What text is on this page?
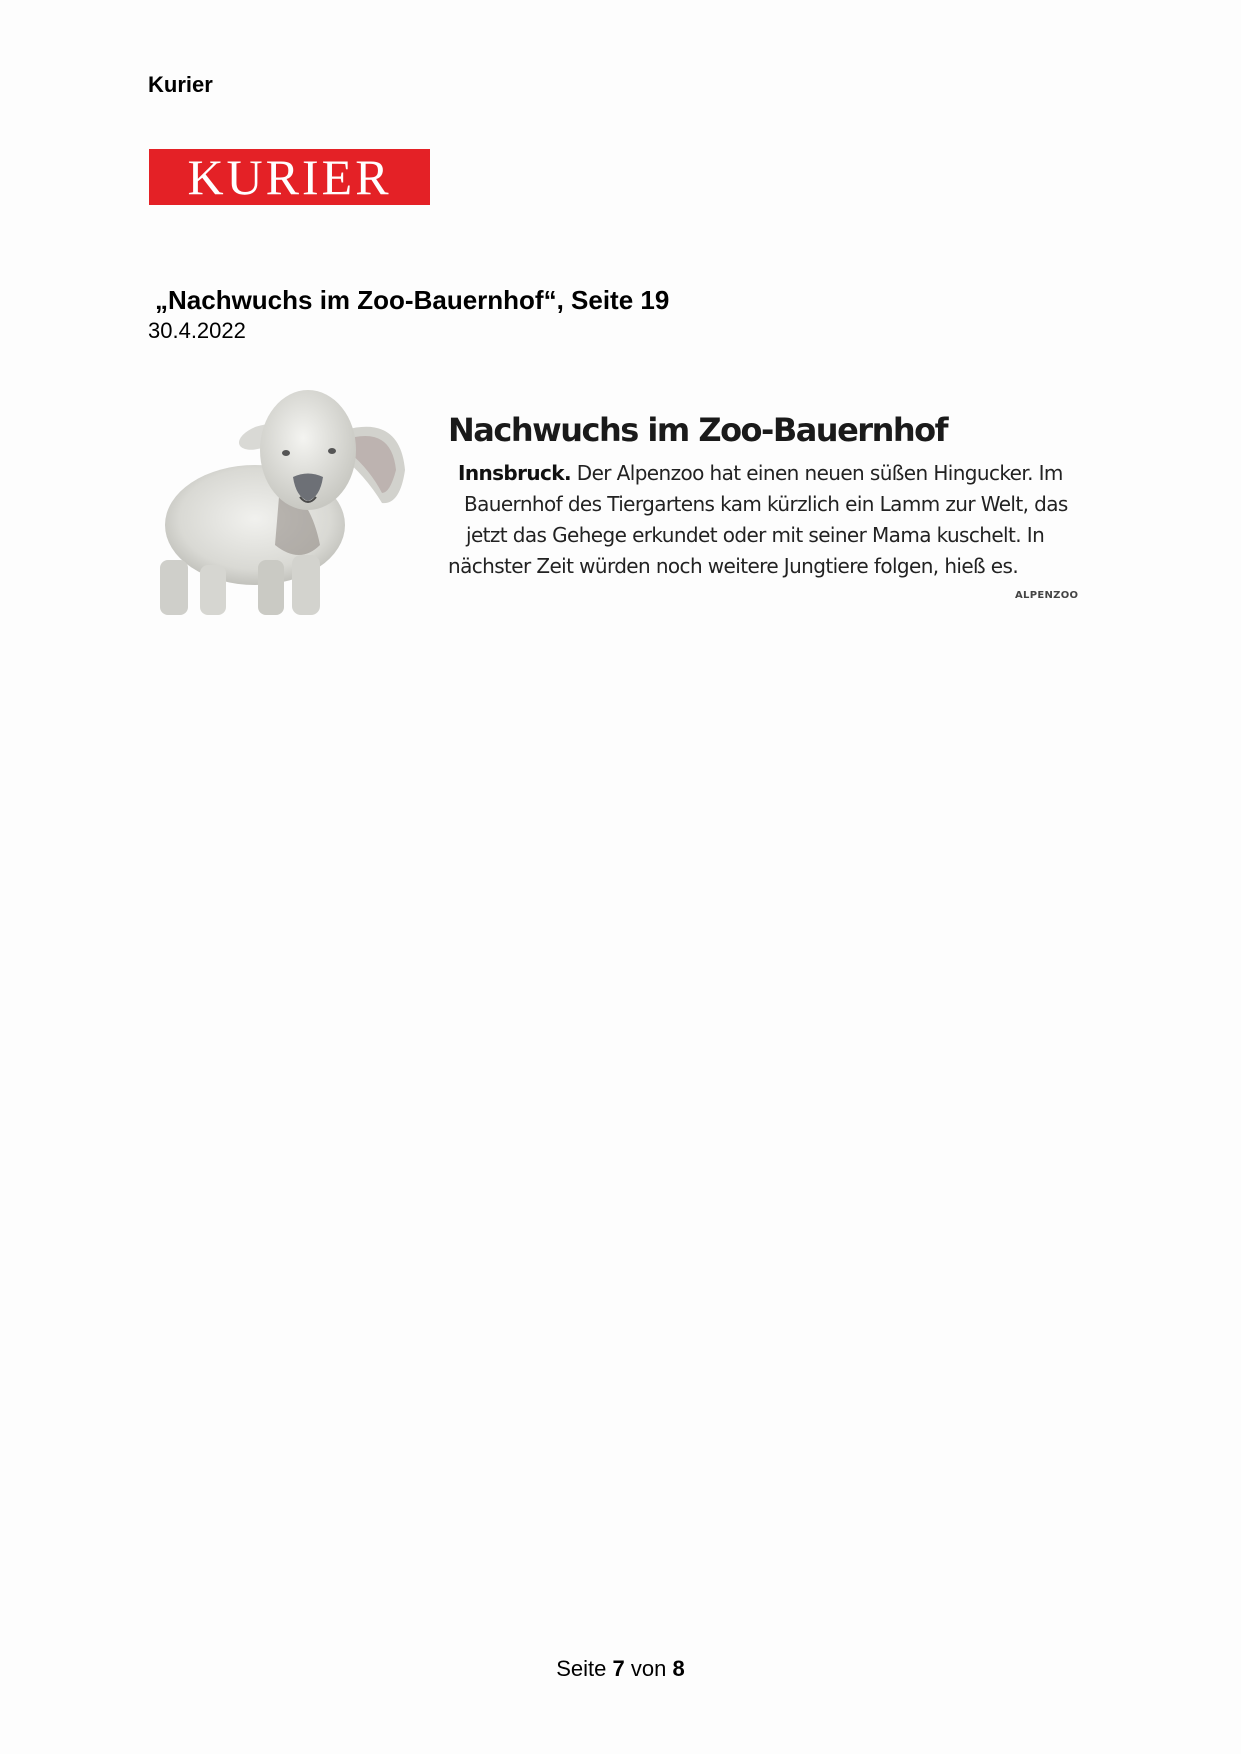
Kurier
KURIER
„Nachwuchs im Zoo-Bauernhof“, Seite 19
30.4.2022
Nachwuchs im Zoo-Bauernhof
Innsbruck. Der Alpenzoo hat einen neuen süßen Hingucker. Im
Bauernhof des Tiergartens kam kürzlich ein Lamm zur Welt, das
jetzt das Gehege erkundet oder mit seiner Mama kuschelt. In
nächster Zeit würden noch weitere Jungtiere folgen, hieß es.
ALPENZOO
Seite 7 von 8
